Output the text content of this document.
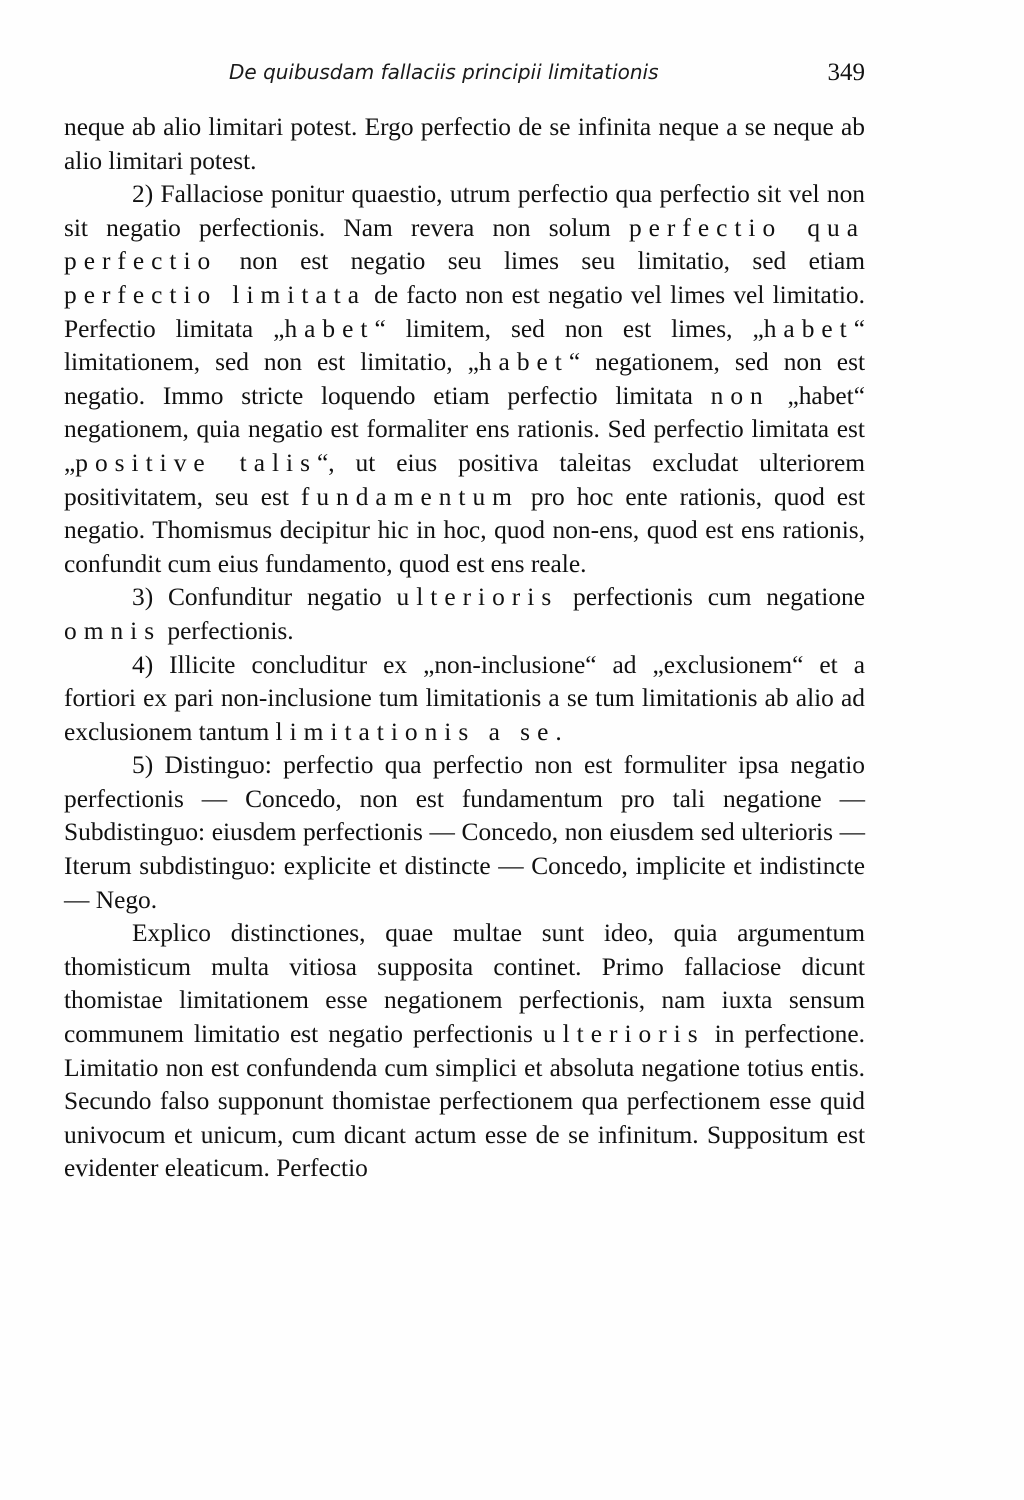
De quibusdam fallaciis principii limitationis	349

neque ab alio limitari potest. Ergo perfectio de se infinita neque a se neque ab alio limitari potest.

2) Fallaciose ponitur quaestio, utrum perfectio qua perfectio sit vel non sit negatio perfectionis. Nam revera non solum perfectio qua perfectio non est negatio seu limes seu limitatio, sed etiam perfectio limitata de facto non est negatio vel limes vel limitatio. Perfectio limitata „habet“ limitem, sed non est limes, „habet“ limitationem, sed non est limitatio, „habet“ negationem, sed non est negatio. Immo stricte loquendo etiam perfectio limitata non „habet“ negationem, quia negatio est formaliter ens rationis. Sed perfectio limitata est „positive talis“, ut eius positiva taleitas excludat ulteriorem positivitatem, seu est fundamentum pro hoc ente rationis, quod est negatio. Thomismus decipitur hic in hoc, quod non-ens, quod est ens rationis, confundit cum eius fundamento, quod est ens reale.

3) Confunditur negatio ulterioris perfectionis cum negatione omnis perfectionis.

4) Illicite concluditur ex „non-inclusione“ ad „exclusionem“ et a fortiori ex pari non-inclusione tum limitationis a se tum limitationis ab alio ad exclusionem tantum limitationis a se.

5) Distinguo: perfectio qua perfectio non est formuliter ipsa negatio perfectionis — Concedo, non est fundamentum pro tali negatione — Subdistinguo: eiusdem perfectionis — Concedo, non eiusdem sed ulterioris — Iterum subdistinguo: explicite et distincte — Concedo, implicite et indistincte — Nego.

Explico distinctiones, quae multae sunt ideo, quia argumentum thomisticum multa vitiosa supposita continet. Primo fallaciose dicunt thomistae limitationem esse negationem perfectionis, nam iuxta sensum communem limitatio est negatio perfectionis ulterioris in perfectione. Limitatio non est confundenda cum simplici et absoluta negatione totius entis. Secundo falso supponunt thomistae perfectionem qua perfectionem esse quid univocum et unicum, cum dicant actum esse de se infinitum. Suppositum est evidenter eleaticum. Perfectio
